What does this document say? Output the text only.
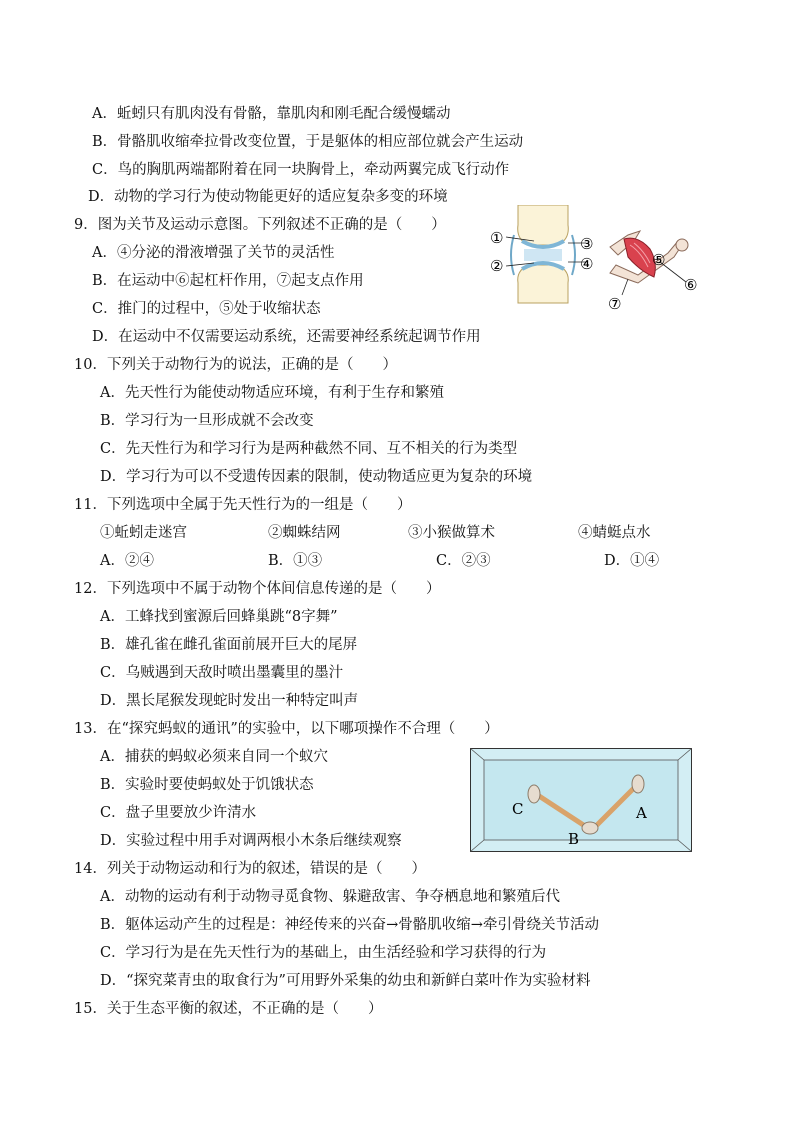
A．蚯蚓只有肌肉没有骨骼，靠肌肉和刚毛配合缓慢蠕动
B．骨骼肌收缩牵拉骨改变位置，于是躯体的相应部位就会产生运动
C．鸟的胸肌两端都附着在同一块胸骨上，牵动两翼完成飞行动作
D．动物的学习行为使动物能更好的适应复杂多变的环境
9．图为关节及运动示意图。下列叙述不正确的是（　　）
A．④分泌的滑液增强了关节的灵活性
B．在运动中⑥起杠杆作用，⑦起支点作用
C．推门的过程中，⑤处于收缩状态
D．在运动中不仅需要运动系统，还需要神经系统起调节作用
①
②
③
④	⑤
⑥
⑦
10．下列关于动物行为的说法，正确的是（　　）
A．先天性行为能使动物适应环境，有利于生存和繁殖
B．学习行为一旦形成就不会改变
C．先天性行为和学习行为是两种截然不同、互不相关的行为类型
D．学习行为可以不受遗传因素的限制，使动物适应更为复杂的环境
11．下列选项中全属于先天性行为的一组是（　　）
①蚯蚓走迷宫	②蜘蛛结网	③小猴做算术	④蜻蜓点水
A．②④	B．①③	C．②③	D．①④
12．下列选项中不属于动物个体间信息传递的是（　　）
A．工蜂找到蜜源后回蜂巢跳“8字舞”
B．雄孔雀在雌孔雀面前展开巨大的尾屏
C．乌贼遇到天敌时喷出墨囊里的墨汁
D．黑长尾猴发现蛇时发出一种特定叫声
13．在“探究蚂蚁的通讯”的实验中，以下哪项操作不合理（　　）
A．捕获的蚂蚁必须来自同一个蚁穴
B．实验时要使蚂蚁处于饥饿状态
C．盘子里要放少许清水
D．实验过程中用手对调两根小木条后继续观察
C
B
A
14．列关于动物运动和行为的叙述，错误的是（　　）
A．动物的运动有利于动物寻觅食物、躲避敌害、争夺栖息地和繁殖后代
B．躯体运动产生的过程是：神经传来的兴奋→骨骼肌收缩→牵引骨绕关节活动
C．学习行为是在先天性行为的基础上，由生活经验和学习获得的行为
D．“探究菜青虫的取食行为”可用野外采集的幼虫和新鲜白菜叶作为实验材料
15．关于生态平衡的叙述，不正确的是（　　）
